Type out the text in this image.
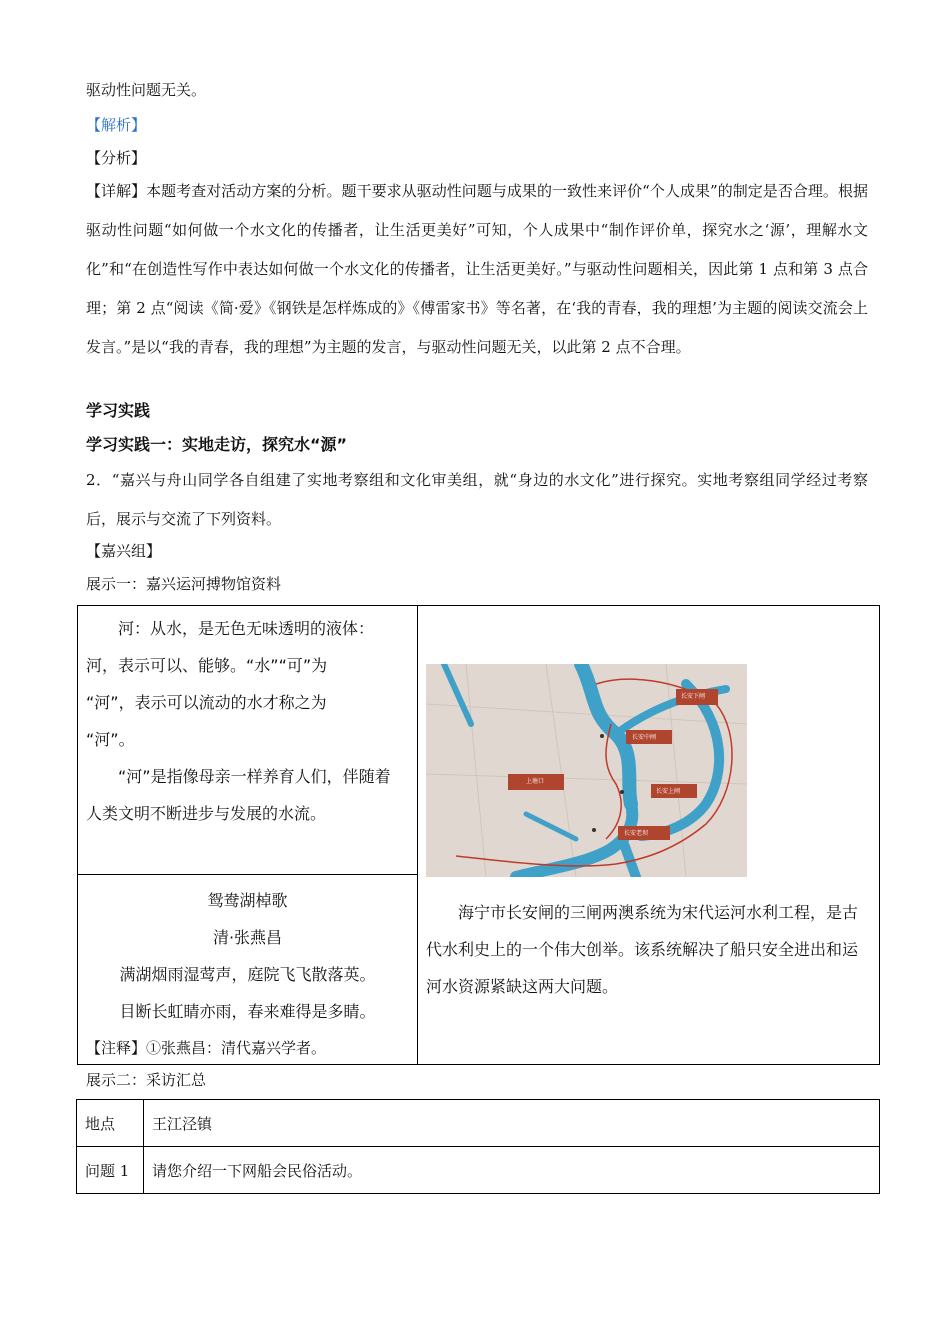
驱动性问题无关。
【解析】
【分析】
【详解】本题考查对活动方案的分析。题干要求从驱动性问题与成果的一致性来评价“个人成果”的制定是否合理。根据驱动性问题“如何做一个水文化的传播者，让生活更美好”可知，个人成果中“制作评价单，探究水之‘源’，理解水文化”和“在创造性写作中表达如何做一个水文化的传播者，让生活更美好。”与驱动性问题相关，因此第 1 点和第 3 点合理；第 2 点“阅读《简·爱》《钢铁是怎样炼成的》《傅雷家书》等名著，在‘我的青春，我的理想’为主题的阅读交流会上发言。”是以“我的青春，我的理想”为主题的发言，与驱动性问题无关，以此第 2 点不合理。
学习实践
学习实践一：实地走访，探究水“源”
2．“嘉兴与舟山同学各自组建了实地考察组和文化审美组，就“身边的水文化”进行探究。实地考察组同学经过考察后，展示与交流了下列资料。
【嘉兴组】
展示一：嘉兴运河搏物馆资料
河：从水，是无色无味透明的液体：
河，表示可以、能够。“水”“可”为
“河”，表示可以流动的水才称之为
“河”。
“河”是指像母亲一样养育人们，伴随着人类文明不断进步与发展的水流。
鸳鸯湖棹歌
清·张燕昌
满湖烟雨湿莺声，庭院飞飞散落英。
目断长虹睛亦雨，春来难得是多睛。
【注释】①张燕昌：清代嘉兴学者。
长安下闸
长安中闸
上塘口
长安上闸
长安老坝
海宁市长安闸的三闸两澳系统为宋代运河水利工程，是古代水利史上的一个伟大创举。该系统解决了船只安全进出和运河水资源紧缺这两大问题。
展示二：采访汇总
地点	王江泾镇
问题 1	请您介绍一下网船会民俗活动。
